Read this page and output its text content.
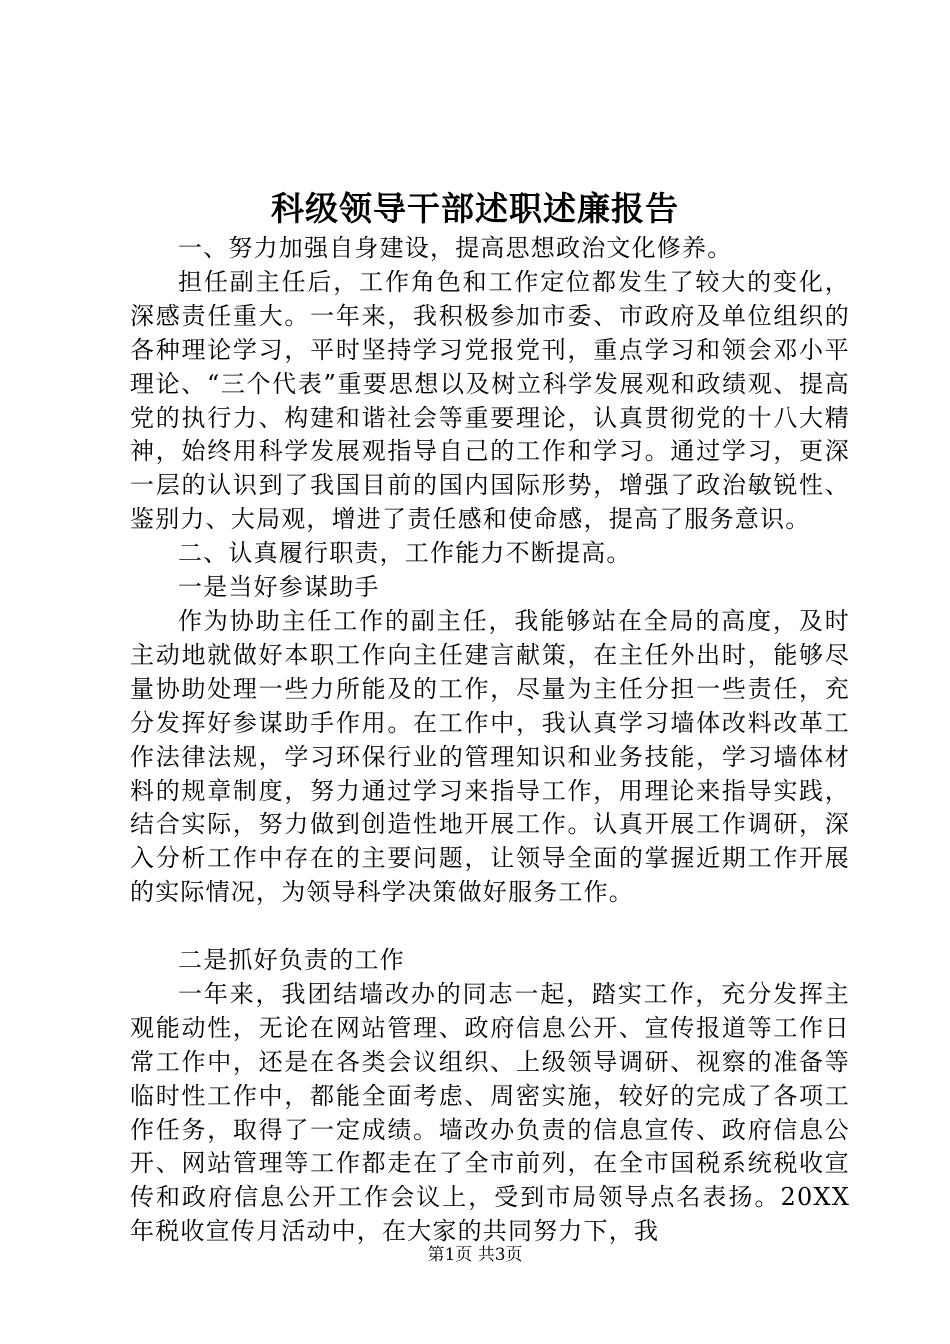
科级领导干部述职述廉报告

一、努力加强自身建设，提高思想政治文化修养。

担任副主任后，工作角色和工作定位都发生了较大的变化，深感责任重大。一年来，我积极参加市委、市政府及单位组织的各种理论学习，平时坚持学习党报党刊，重点学习和领会邓小平理论、“三个代表”重要思想以及树立科学发展观和政绩观、提高党的执行力、构建和谐社会等重要理论，认真贯彻党的十八大精神，始终用科学发展观指导自己的工作和学习。通过学习，更深一层的认识到了我国目前的国内国际形势，增强了政治敏锐性、鉴别力、大局观，增进了责任感和使命感，提高了服务意识。

二、认真履行职责，工作能力不断提高。

一是当好参谋助手

作为协助主任工作的副主任，我能够站在全局的高度，及时主动地就做好本职工作向主任建言献策，在主任外出时，能够尽量协助处理一些力所能及的工作，尽量为主任分担一些责任，充分发挥好参谋助手作用。在工作中，我认真学习墙体改料改革工作法律法规，学习环保行业的管理知识和业务技能，学习墙体材料的规章制度，努力通过学习来指导工作，用理论来指导实践，结合实际，努力做到创造性地开展工作。认真开展工作调研，深入分析工作中存在的主要问题，让领导全面的掌握近期工作开展的实际情况，为领导科学决策做好服务工作。

二是抓好负责的工作

一年来，我团结墙改办的同志一起，踏实工作，充分发挥主观能动性，无论在网站管理、政府信息公开、宣传报道等工作日常工作中，还是在各类会议组织、上级领导调研、视察的准备等临时性工作中，都能全面考虑、周密实施，较好的完成了各项工作任务，取得了一定成绩。墙改办负责的信息宣传、政府信息公开、网站管理等工作都走在了全市前列，在全市国税系统税收宣传和政府信息公开工作会议上，受到市局领导点名表扬。20XX年税收宣传月活动中，在大家的共同努力下，我

第1页 共3页
